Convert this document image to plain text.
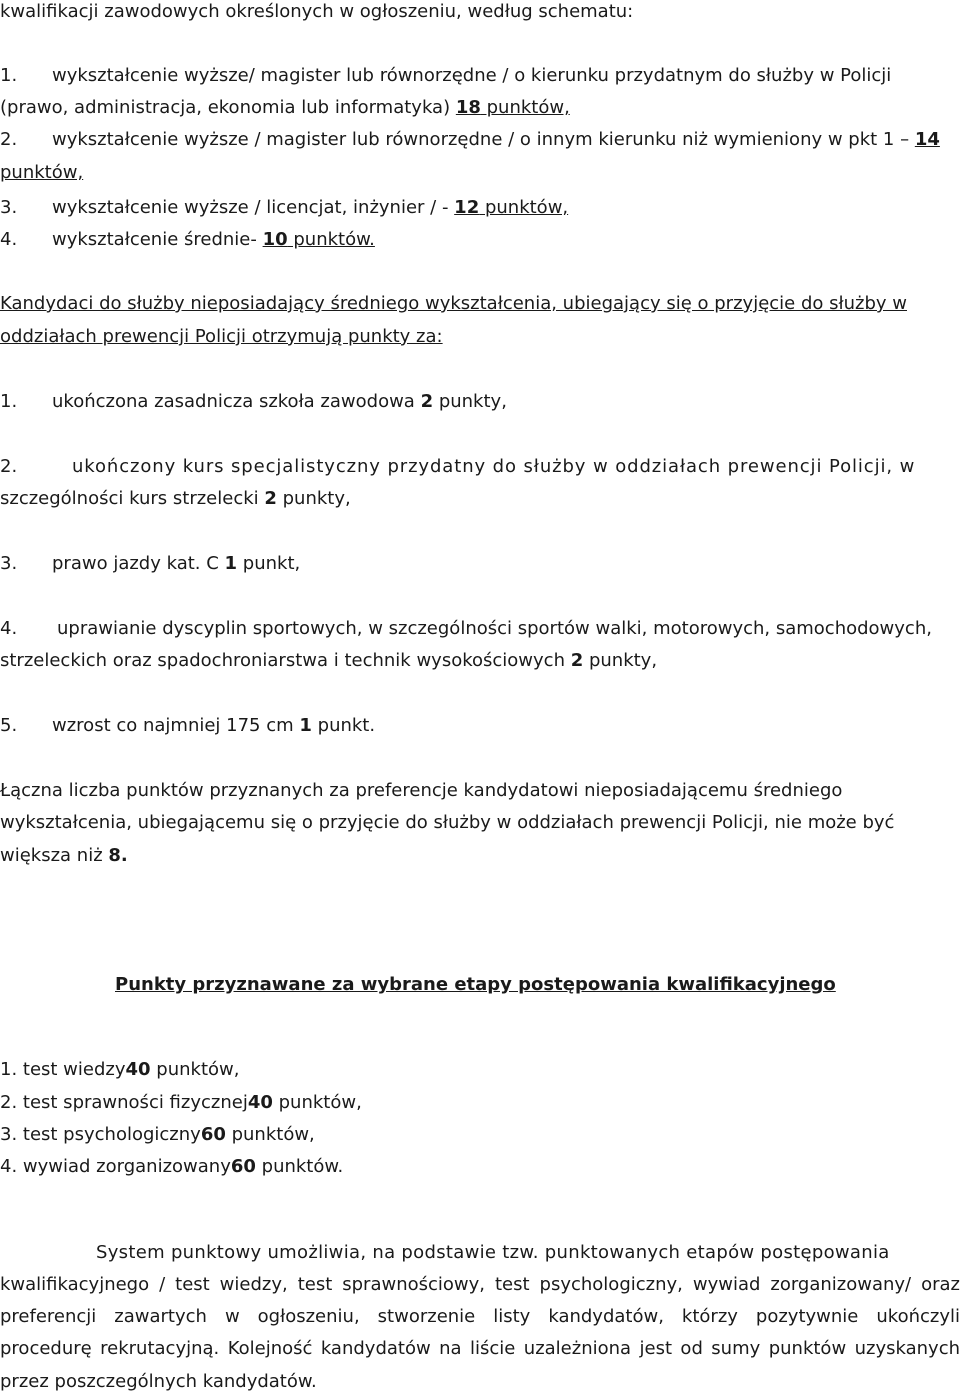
kwalifikacji zawodowych określonych w ogłoszeniu, według schematu:
1. wykształcenie wyższe/ magister lub równorzędne / o kierunku przydatnym do służby w Policji
(prawo, administracja, ekonomia lub informatyka) 18 punktów,
2. wykształcenie wyższe / magister lub równorzędne / o innym kierunku niż wymieniony w pkt 1 – 14
punktów,
3. wykształcenie wyższe / licencjat, inżynier / - 12 punktów,
4. wykształcenie średnie- 10 punktów.
Kandydaci do służby nieposiadający średniego wykształcenia, ubiegający się o przyjęcie do służby w
oddziałach prewencji Policji otrzymują punkty za:
1. ukończona zasadnicza szkoła zawodowa 2 punkty,
2.	ukończony kurs specjalistyczny przydatny do służby w oddziałach prewencji Policji, w
szczególności kurs strzelecki 2 punkty,
3. prawo jazdy kat. C 1 punkt,
4. uprawianie dyscyplin sportowych, w szczególności sportów walki, motorowych, samochodowych,
strzeleckich oraz spadochroniarstwa i technik wysokościowych 2 punkty,
5. wzrost co najmniej 175 cm 1 punkt.
Łączna liczba punktów przyznanych za preferencje kandydatowi nieposiadającemu średniego
wykształcenia, ubiegającemu się o przyjęcie do służby w oddziałach prewencji Policji, nie może być
większa niż 8.
Punkty przyznawane za wybrane etapy postępowania kwalifikacyjnego
1. test wiedzy40 punktów,
2. test sprawności fizycznej40 punktów,
3. test psychologiczny60 punktów,
4. wywiad zorganizowany60 punktów.
System punktowy umożliwia, na podstawie tzw. punktowanych etapów postępowania
kwalifikacyjnego / test wiedzy, test sprawnościowy, test psychologiczny, wywiad zorganizowany/ oraz
preferencji zawartych w ogłoszeniu, stworzenie listy kandydatów, którzy pozytywnie ukończyli
procedurę rekrutacyjną. Kolejność kandydatów na liście uzależniona jest od sumy punktów uzyskanych
przez poszczególnych kandydatów.
